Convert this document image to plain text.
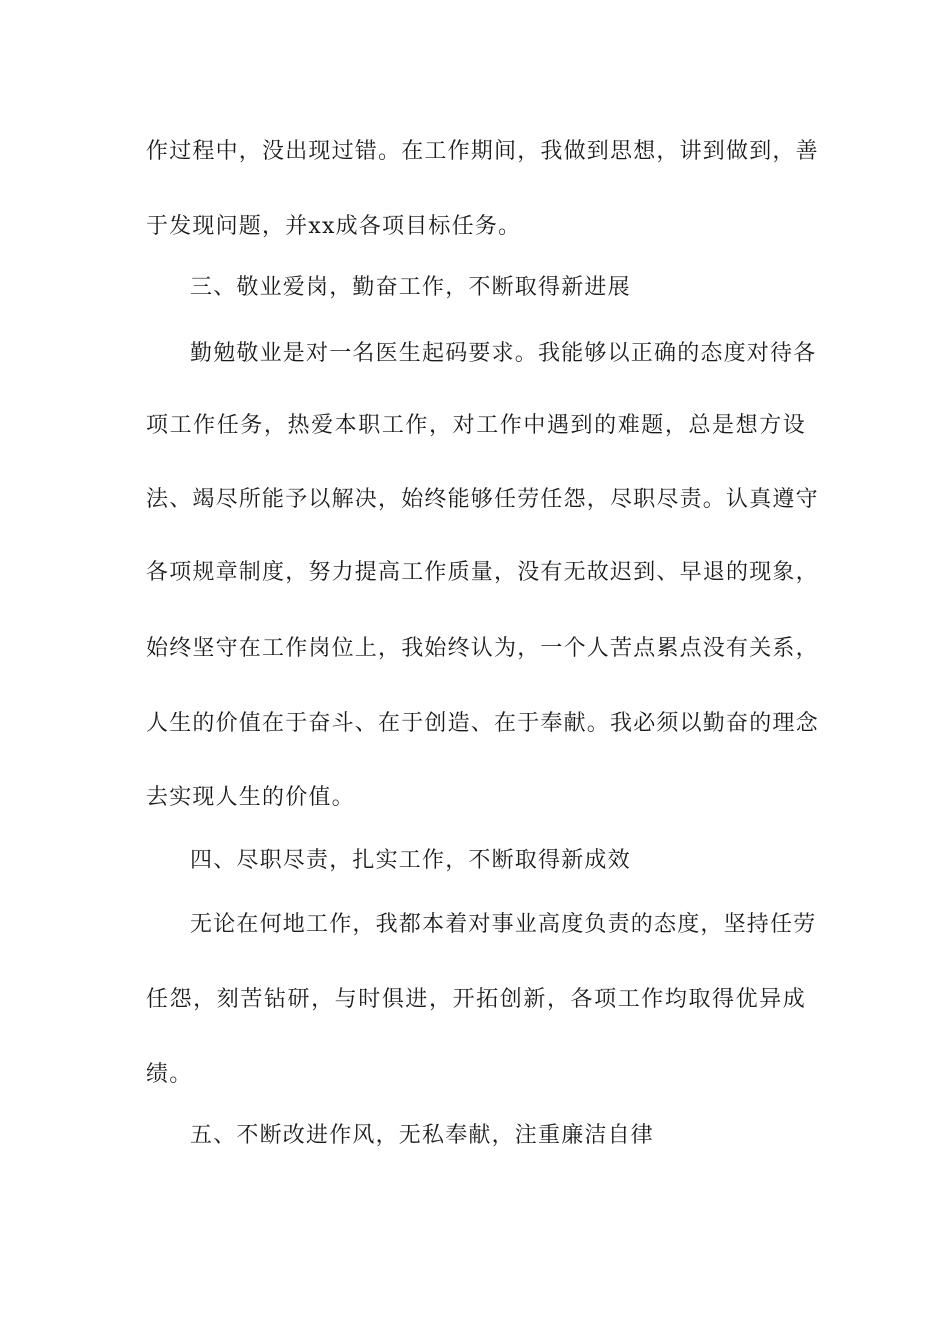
作过程中，没出现过错。在工作期间，我做到思想，讲到做到，善
于发现问题，并xx成各项目标任务。
三、敬业爱岗，勤奋工作，不断取得新进展
勤勉敬业是对一名医生起码要求。我能够以正确的态度对待各
项工作任务，热爱本职工作，对工作中遇到的难题，总是想方设
法、竭尽所能予以解决，始终能够任劳任怨，尽职尽责。认真遵守
各项规章制度，努力提高工作质量，没有无故迟到、早退的现象，
始终坚守在工作岗位上，我始终认为，一个人苦点累点没有关系，
人生的价值在于奋斗、在于创造、在于奉献。我必须以勤奋的理念
去实现人生的价值。
四、尽职尽责，扎实工作，不断取得新成效
无论在何地工作，我都本着对事业高度负责的态度，坚持任劳
任怨，刻苦钻研，与时俱进，开拓创新，各项工作均取得优异成
绩。
五、不断改进作风，无私奉献，注重廉洁自律
